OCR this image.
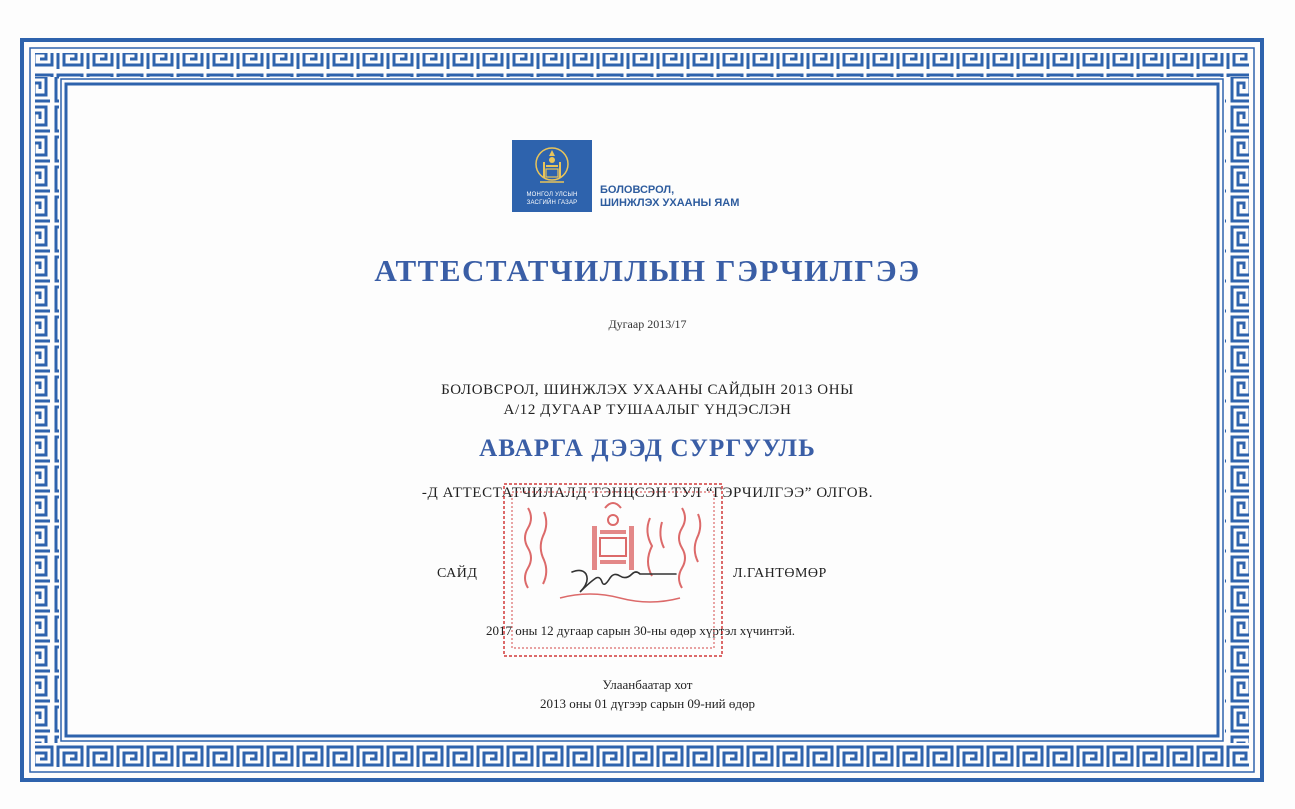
МОНГОЛ УЛСЫН
ЗАСГИЙН ГАЗАР
БОЛОВСРОЛ,
ШИНЖЛЭХ УХААНЫ ЯАМ
АТТЕСТАТЧИЛЛЫН ГЭРЧИЛГЭЭ
Дугаар 2013/17
БОЛОВСРОЛ, ШИНЖЛЭХ УХААНЫ САЙДЫН 2013 ОНЫ
А/12 ДУГААР ТУШААЛЫГ ҮНДЭСЛЭН
АВАРГА ДЭЭД СУРГУУЛЬ
-Д АТТЕСТАТЧИЛАЛД ТЭНЦСЭН ТУЛ “ГЭРЧИЛГЭЭ” ОЛГОВ.
САЙД	Л.ГАНТӨМӨР
2017 оны 12 дугаар сарын 30-ны өдөр хүртэл хүчинтэй.
Улаанбаатар хот
2013 оны 01 дүгээр сарын 09-ний өдөр
